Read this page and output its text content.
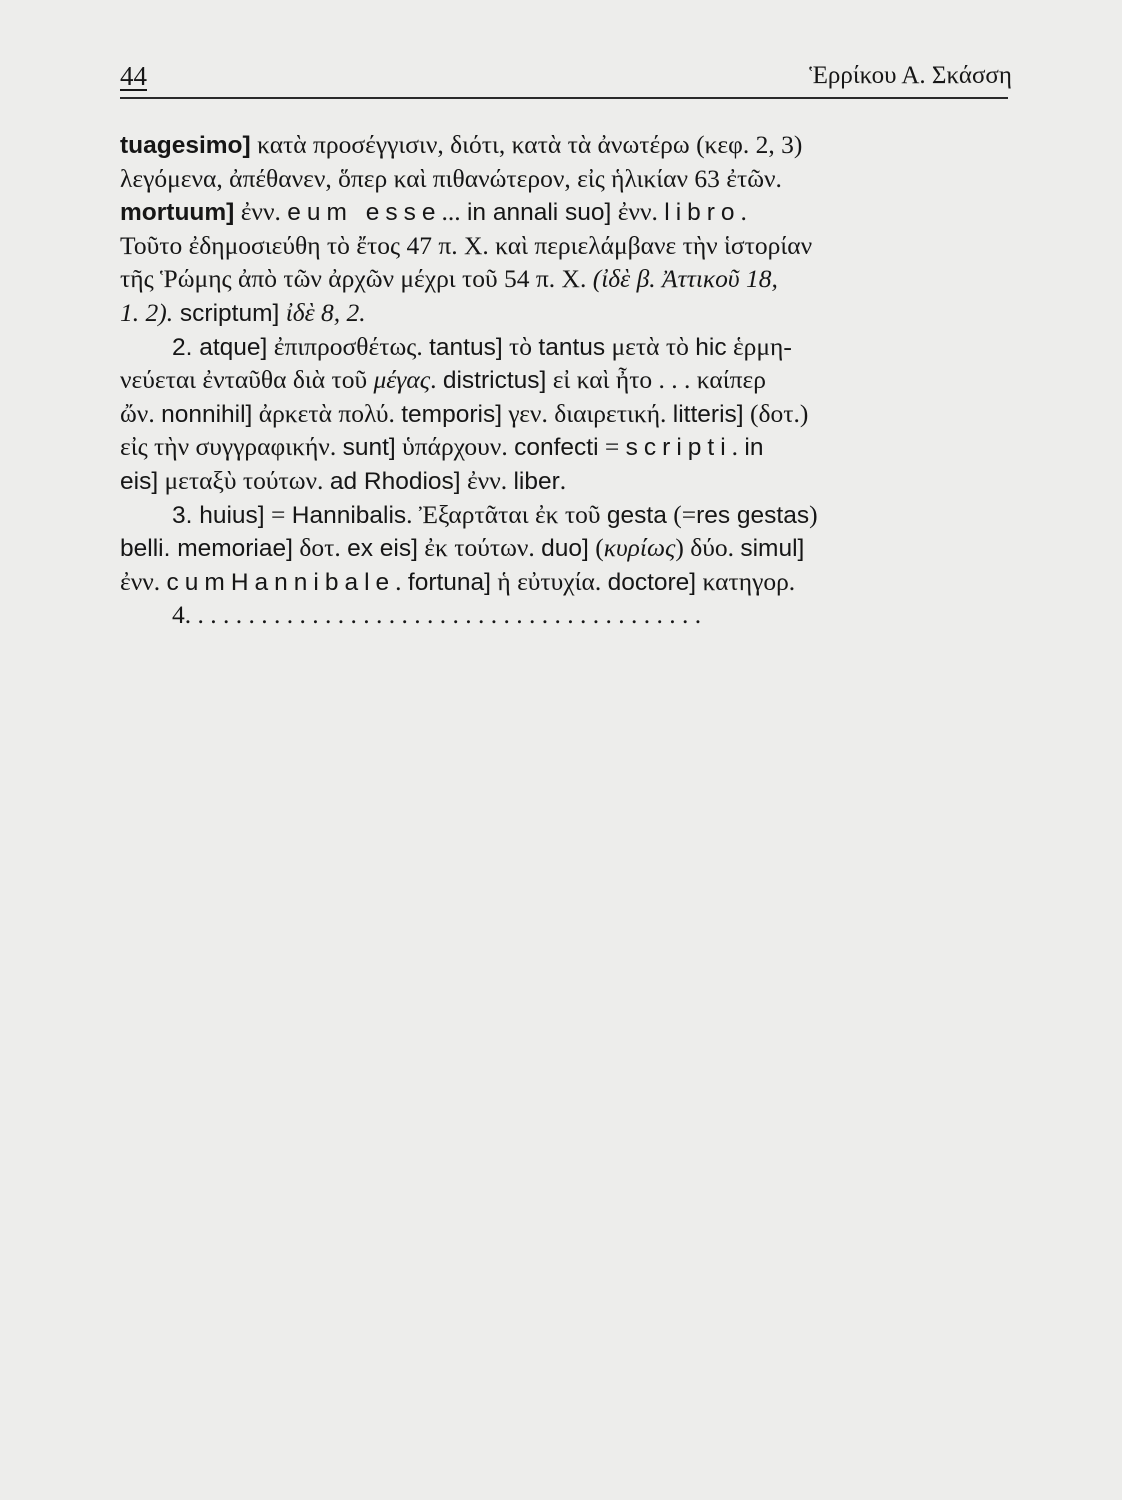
44	Ἑρρίκου Α. Σκάσση
tuagesimo] κατὰ προσέγγισιν, διότι, κατὰ τὰ ἀνωτέρω (κεφ. 2, 3)
λεγόμενα, ἀπέθανεν, ὅπερ καὶ πιθανώτερον, εἰς ἡλικίαν 63 ἐτῶν.
mortuum] ἐνν. eum esse... in annali suo] ἐνν. libro.
Τοῦτο ἐδημοσιεύθη τὸ ἔτος 47 π. Χ. καὶ περιελάμβανε τὴν ἱστορίαν
τῆς Ῥώμης ἀπὸ τῶν ἀρχῶν μέχρι τοῦ 54 π. Χ. (ἰδὲ β. Ἀττικοῦ 18,
1. 2). scriptum] ἰδὲ 8, 2.
2. atque] ἐπιπροσθέτως. tantus] τὸ tantus μετὰ τὸ hic ἑρμη-
νεύεται ἐνταῦθα διὰ τοῦ μέγας. districtus] εἰ καὶ ἦτο . . . καίπερ
ὤν. nonnihil] ἀρκετὰ πολύ. temporis] γεν. διαιρετική. litteris] (δοτ.)
εἰς τὴν συγγραφικήν. sunt] ὑπάρχουν. confecti = scripti. in
eis] μεταξὺ τούτων. ad Rhodios] ἐνν. liber.
3. huius] = Hannibalis. Ἐξαρτᾶται ἐκ τοῦ gesta (=res gestas)
belli. memoriae] δοτ. ex eis] ἐκ τούτων. duo] (κυρίως) δύο. simul]
ἐνν. cumHannibale. fortuna] ἡ εὐτυχία. doctore] κατηγορ.
4. . . . . . . . . . . . . . . . . . . . . . . . . . . . . . . . . . . . . . . . .
